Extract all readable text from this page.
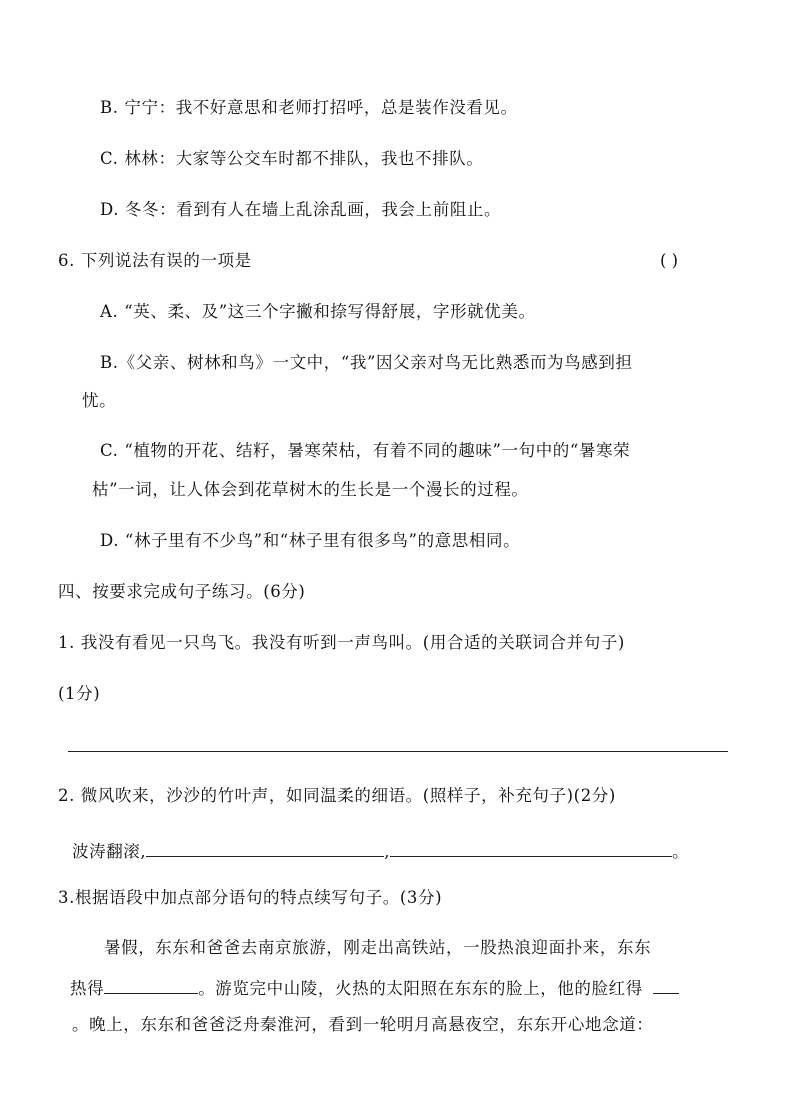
B. 宁宁：我不好意思和老师打招呼，总是装作没看见。
C. 林林：大家等公交车时都不排队，我也不排队。
D. 冬冬：看到有人在墙上乱涂乱画，我会上前阻止。
6. 下列说法有误的一项是	( )
A. “英、柔、及”这三个字撇和捺写得舒展，字形就优美。
B.《父亲、树林和鸟》一文中，“我”因父亲对鸟无比熟悉而为鸟感到担
忧。
C. “植物的开花、结籽，暑寒荣枯，有着不同的趣味”一句中的“暑寒荣
枯”一词，让人体会到花草树木的生长是一个漫长的过程。
D. “林子里有不少鸟”和“林子里有很多鸟”的意思相同。
四、按要求完成句子练习。(6分)
1. 我没有看见一只鸟飞。我没有听到一声鸟叫。(用合适的关联词合并句子)
(1分)
2. 微风吹来，沙沙的竹叶声，如同温柔的细语。(照样子，补充句子)(2分)
波涛翻滚,	,	。
3.根据语段中加点部分语句的特点续写句子。(3分)
暑假，东东和爸爸去南京旅游，刚走出高铁站，一股热浪迎面扑来，东东
热得	。游览完中山陵，火热的太阳照在东东的脸上，他的脸红得
。晚上，东东和爸爸泛舟秦淮河，看到一轮明月高悬夜空，东东开心地念道：
